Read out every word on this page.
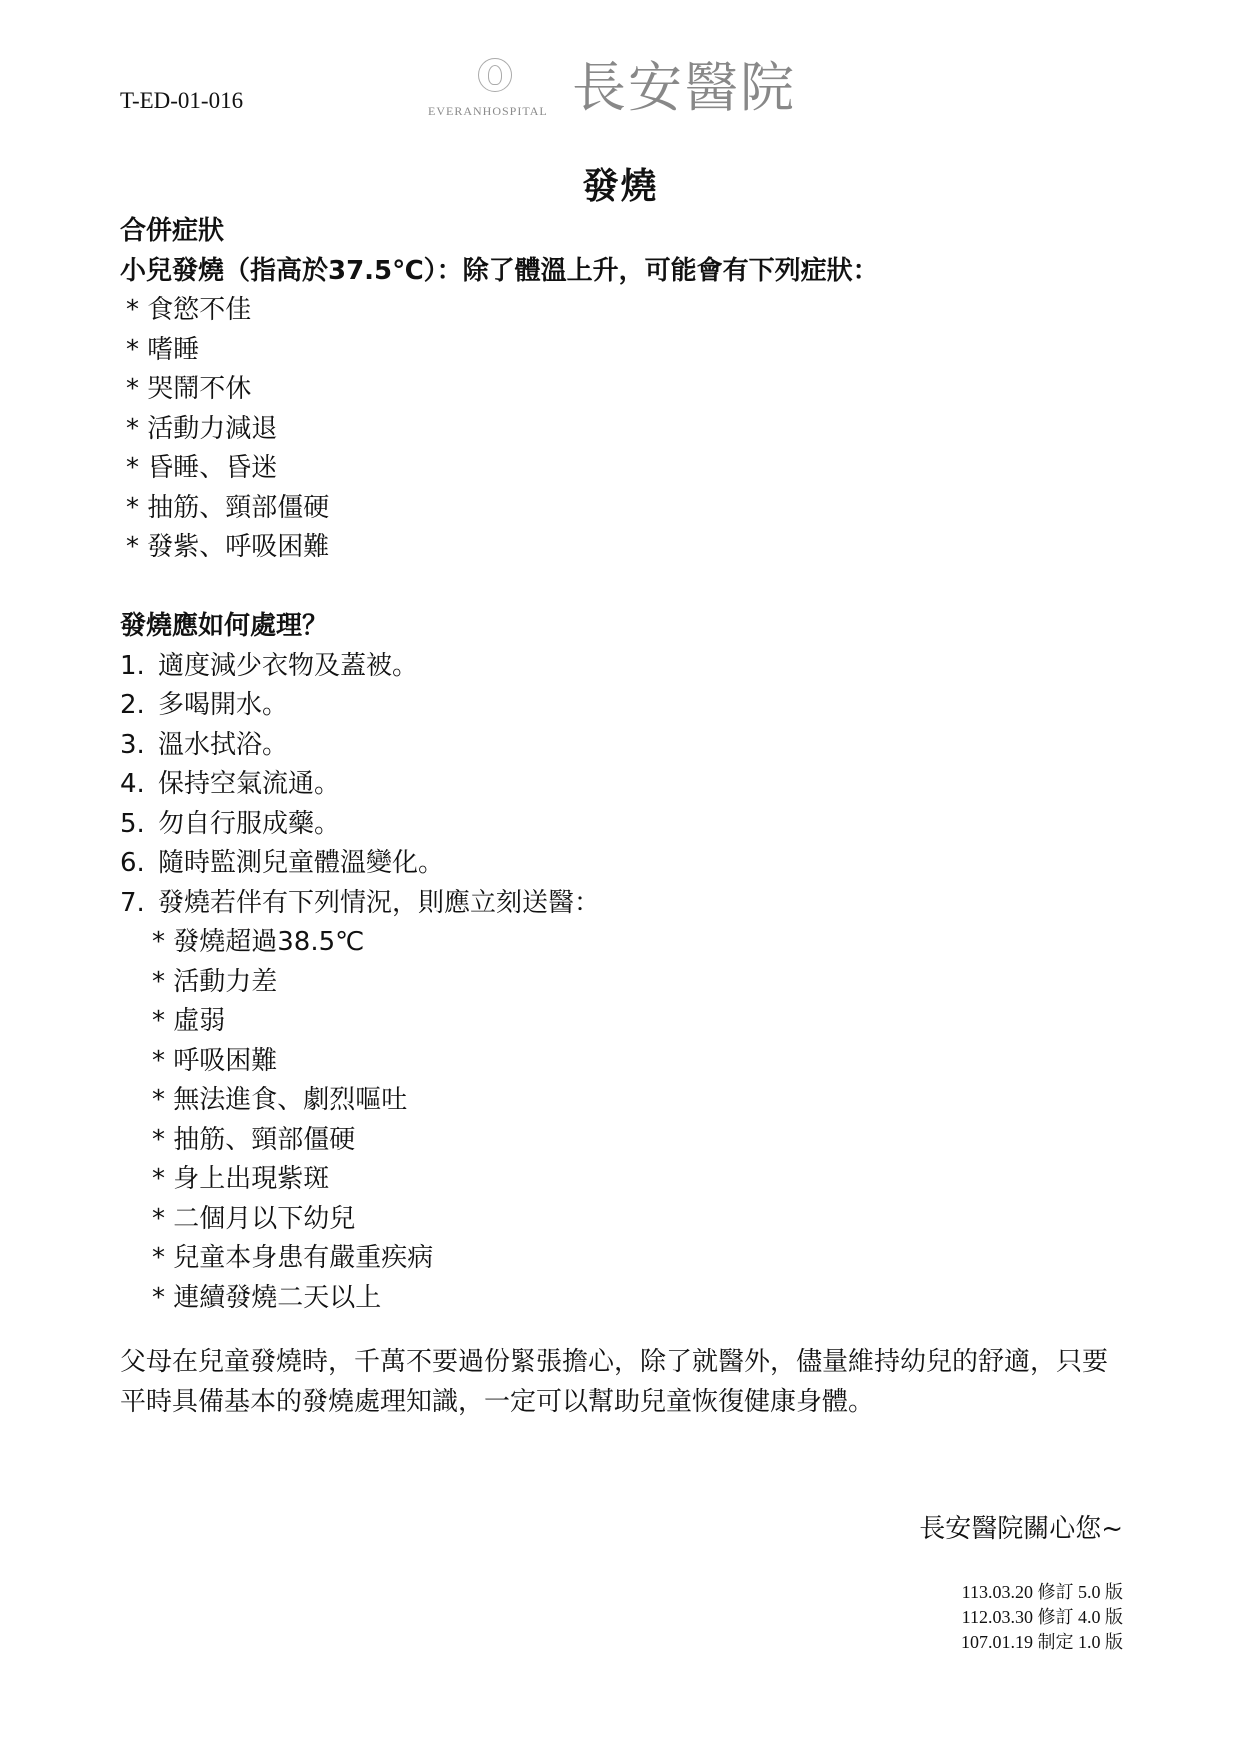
T-ED-01-016	EVERANHOSPITAL 長安醫院
發燒
合併症狀
小兒發燒（指高於37.5℃）：除了體溫上升，可能會有下列症狀：
* 食慾不佳
* 嗜睡
* 哭鬧不休
* 活動力減退
* 昏睡、昏迷
* 抽筋、頸部僵硬
* 發紫、呼吸困難
發燒應如何處理？
1. 適度減少衣物及蓋被。
2. 多喝開水。
3. 溫水拭浴。
4. 保持空氣流通。
5. 勿自行服成藥。
6. 隨時監測兒童體溫變化。
7. 發燒若伴有下列情況，則應立刻送醫：
* 發燒超過38.5℃
* 活動力差
* 虛弱
* 呼吸困難
* 無法進食、劇烈嘔吐
* 抽筋、頸部僵硬
* 身上出現紫斑
* 二個月以下幼兒
* 兒童本身患有嚴重疾病
* 連續發燒二天以上
父母在兒童發燒時，千萬不要過份緊張擔心，除了就醫外，儘量維持幼兒的舒適，只要平時具備基本的發燒處理知識，一定可以幫助兒童恢復健康身體。
長安醫院關心您~
113.03.20 修訂 5.0 版
112.03.30 修訂 4.0 版
107.01.19 制定 1.0 版
